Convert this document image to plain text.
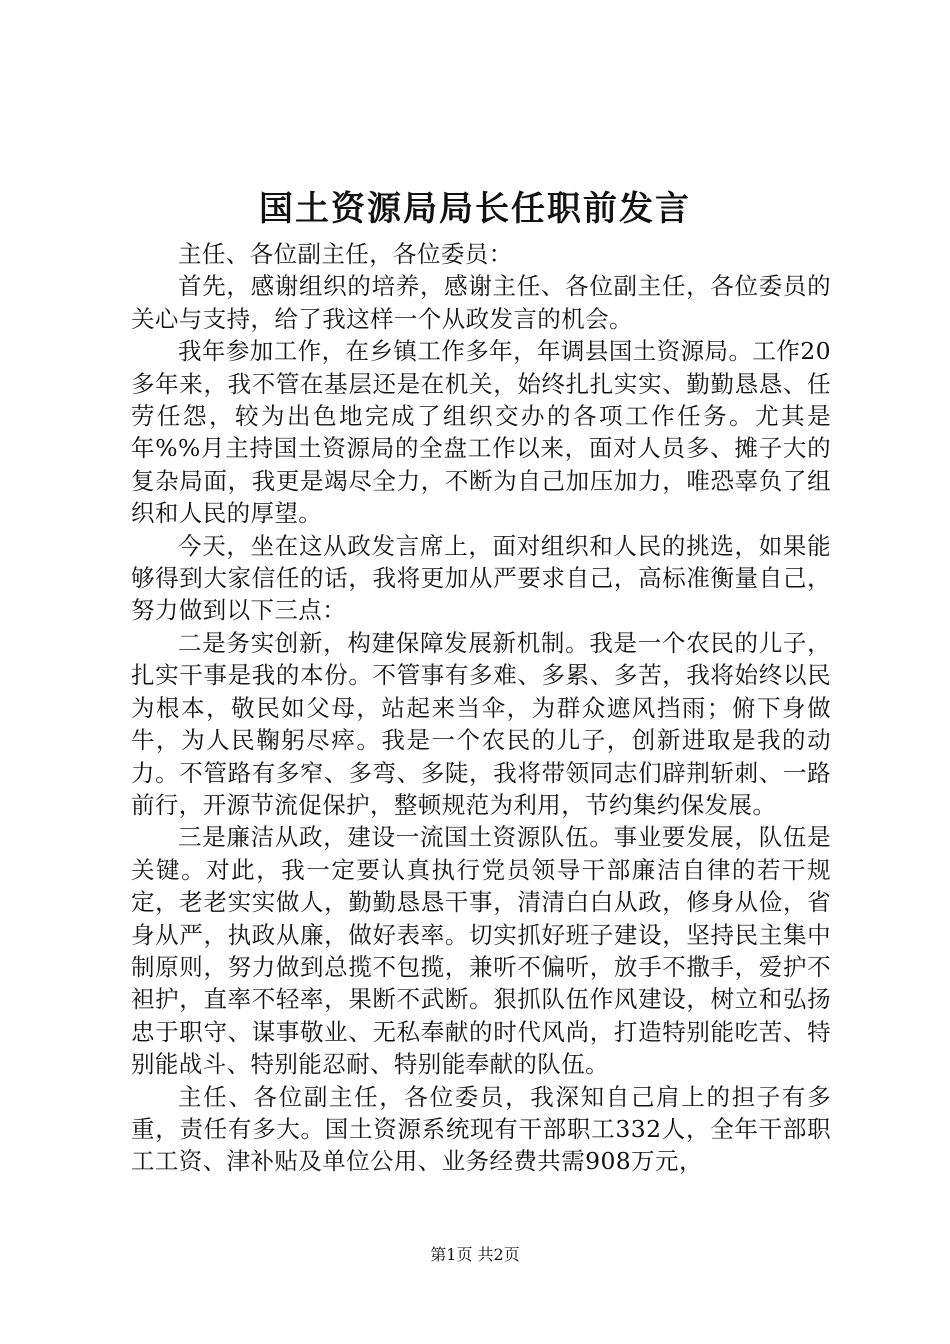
国土资源局局长任职前发言

主任、各位副主任，各位委员：

首先，感谢组织的培养，感谢主任、各位副主任，各位委员的关心与支持，给了我这样一个从政发言的机会。

我年参加工作，在乡镇工作多年，年调县国土资源局。工作20多年来，我不管在基层还是在机关，始终扎扎实实、勤勤恳恳、任劳任怨，较为出色地完成了组织交办的各项工作任务。尤其是年%%月主持国土资源局的全盘工作以来，面对人员多、摊子大的复杂局面，我更是竭尽全力，不断为自己加压加力，唯恐辜负了组织和人民的厚望。

今天，坐在这从政发言席上，面对组织和人民的挑选，如果能够得到大家信任的话，我将更加从严要求自己，高标准衡量自己，努力做到以下三点：

二是务实创新，构建保障发展新机制。我是一个农民的儿子，扎实干事是我的本份。不管事有多难、多累、多苦，我将始终以民为根本，敬民如父母，站起来当伞，为群众遮风挡雨；俯下身做牛，为人民鞠躬尽瘁。我是一个农民的儿子，创新进取是我的动力。不管路有多窄、多弯、多陡，我将带领同志们辟荆斩刺、一路前行，开源节流促保护，整顿规范为利用，节约集约保发展。

三是廉洁从政，建设一流国土资源队伍。事业要发展，队伍是关键。对此，我一定要认真执行党员领导干部廉洁自律的若干规定，老老实实做人，勤勤恳恳干事，清清白白从政，修身从俭，省身从严，执政从廉，做好表率。切实抓好班子建设，坚持民主集中制原则，努力做到总揽不包揽，兼听不偏听，放手不撒手，爱护不袒护，直率不轻率，果断不武断。狠抓队伍作风建设，树立和弘扬忠于职守、谋事敬业、无私奉献的时代风尚，打造特别能吃苦、特别能战斗、特别能忍耐、特别能奉献的队伍。

主任、各位副主任，各位委员，我深知自己肩上的担子有多重，责任有多大。国土资源系统现有干部职工332人，全年干部职工工资、津补贴及单位公用、业务经费共需908万元，

第1页 共2页
